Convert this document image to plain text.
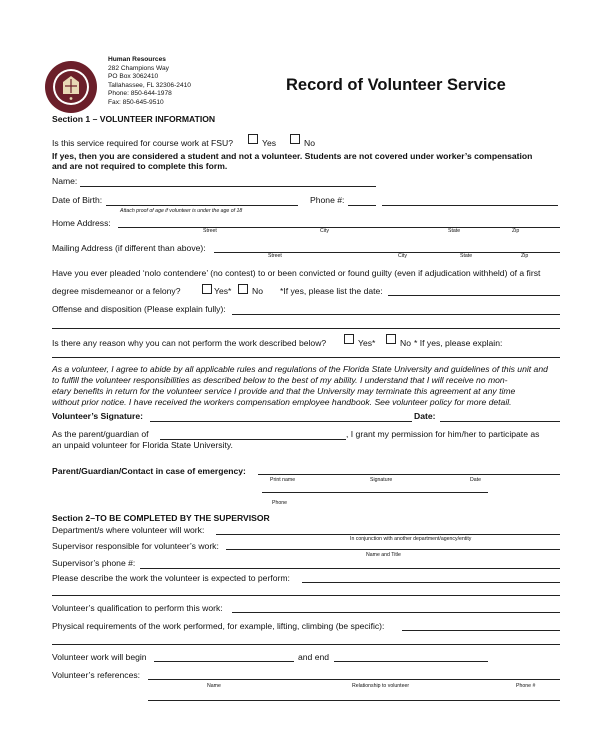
Human Resources
282 Champions Way
PO Box 3062410
Tallahassee, FL 32306-2410
Phone: 850-644-1978
Fax: 850-645-9510
Record of Volunteer Service
Section 1 – VOLUNTEER INFORMATION
Is this service required for course work at FSU?	Yes	No
If yes, then you are considered a student and not a volunteer. Students are not covered under worker’s compensation
and are not required to complete this form.
Name:
Date of Birth:
Attach proof of age if volunteer is under the age of 18
Phone #:
Home Address:
Street	City	State	Zip
Mailing Address (if different than above):
Street	City	State	Zip
Have you ever pleaded ‘nolo contendere’ (no contest) to or been convicted or found guilty (even if adjudication withheld) of a first
degree misdemeanor or a felony?	Yes* No *If yes, please list the date:
Offense and disposition (Please explain fully):
Is there any reason why you can not perform the work described below?	Yes*	No * If yes, please explain:
As a volunteer, I agree to abide by all applicable rules and regulations of the Florida State University and guidelines of this unit and
to fulfill the volunteer responsibilities as described below to the best of my ability. I understand that I will receive no mon-
etary benefits in return for the volunteer service I provide and that the University may terminate this agreement at any time
without prior notice. I have received the workers compensation employee handbook. See volunteer policy for more detail.
Volunteer’s Signature:	Date:
As the parent/guardian of	, I grant my permission for him/her to participate as
an unpaid volunteer for Florida State University.
Parent/Guardian/Contact in case of emergency:
Print name	Signature	Date
Phone
Section 2–TO BE COMPLETED BY THE SUPERVISOR
Department/s where volunteer will work:
In conjunction with another department/agency/entity
Supervisor responsible for volunteer’s work:
Name and Title
Supervisor’s phone #:
Please describe the work the volunteer is expected to perform:
Volunteer’s qualification to perform this work:
Physical requirements of the work performed, for example, lifting, climbing (be specific):
Volunteer work will begin	and end
Volunteer’s references:
Name	Relationship to volunteer	Phone #
